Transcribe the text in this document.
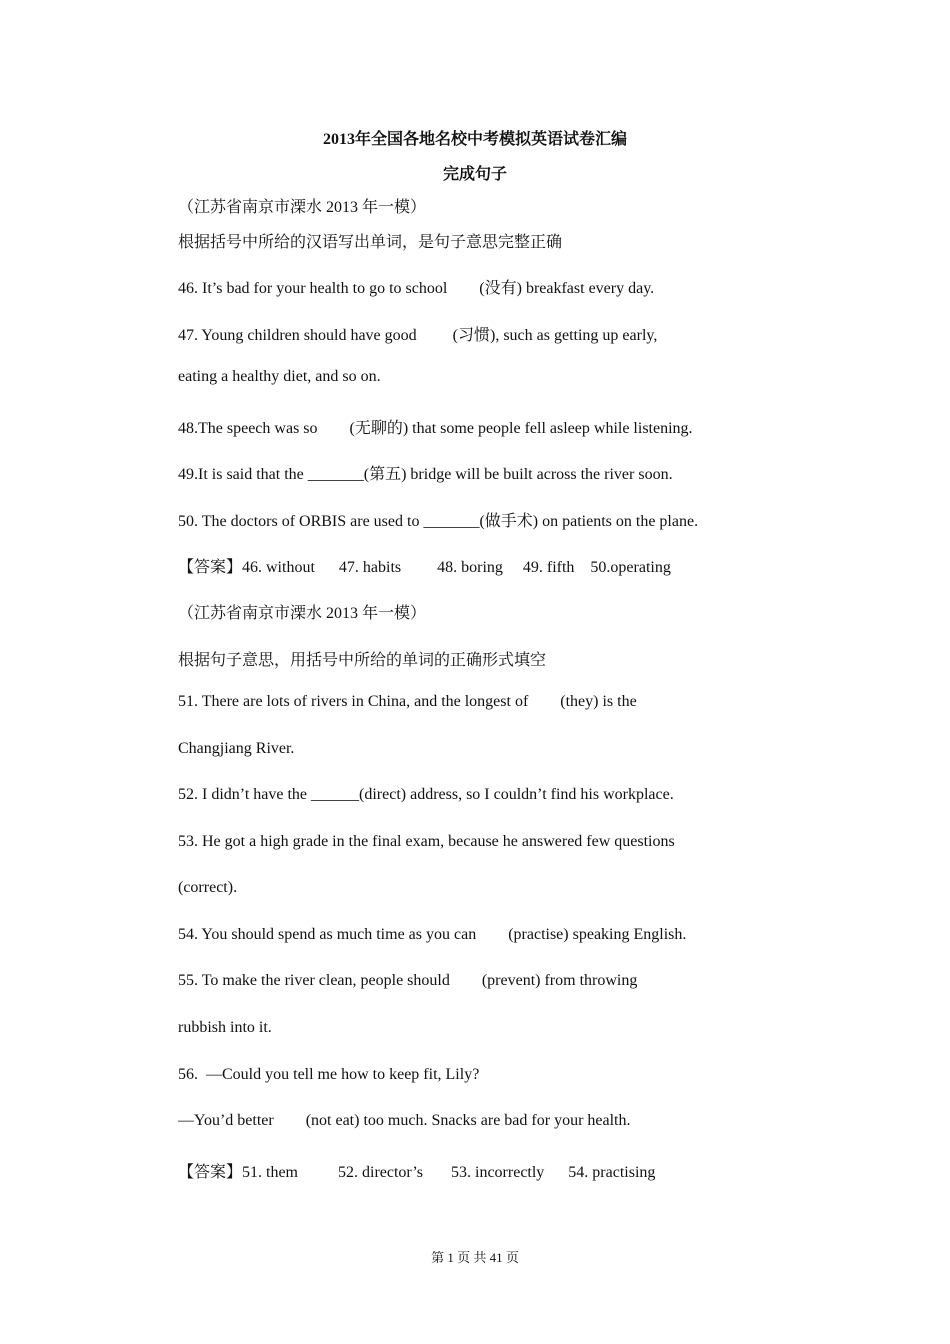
2013年全国各地名校中考模拟英语试卷汇编
完成句子
（江苏省南京市溧水 2013 年一模）
根据括号中所给的汉语写出单词，是句子意思完整正确
46. It’s bad for your health to go to school        (没有) breakfast every day.
47. Young children should have good         (习惯), such as getting up early,
eating a healthy diet, and so on.
48.The speech was so        (无聊的) that some people fell asleep while listening.
49.It is said that the _______(第五) bridge will be built across the river soon.
50. The doctors of ORBIS are used to _______(做手术) on patients on the plane.
【答案】46. without      47. habits         48. boring     49. fifth    50.operating
（江苏省南京市溧水 2013 年一模）
根据句子意思，用括号中所给的单词的正确形式填空
51. There are lots of rivers in China, and the longest of        (they) is the
Changjiang River.
52. I didn’t have the ______(direct) address, so I couldn’t find his workplace.
53. He got a high grade in the final exam, because he answered few questions
(correct).
54. You should spend as much time as you can        (practise) speaking English.
55. To make the river clean, people should        (prevent) from throwing
rubbish into it.
56.  —Could you tell me how to keep fit, Lily?
—You’d better        (not eat) too much. Snacks are bad for your health.
【答案】51. them          52. director’s       53. incorrectly      54. practising
第 1 页 共 41 页
